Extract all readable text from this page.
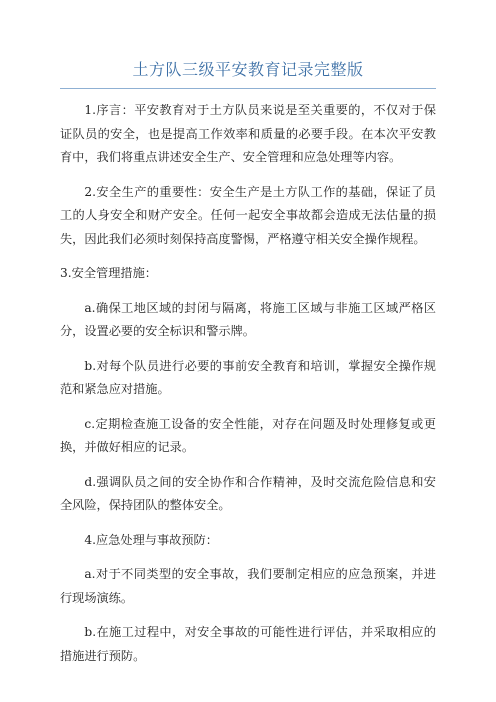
土方队三级平安教育记录完整版

1.序言：平安教育对于土方队员来说是至关重要的，不仅对于保证队员的安全，也是提高工作效率和质量的必要手段。在本次平安教育中，我们将重点讲述安全生产、安全管理和应急处理等内容。

2.安全生产的重要性：安全生产是土方队工作的基础，保证了员工的人身安全和财产安全。任何一起安全事故都会造成无法估量的损失，因此我们必须时刻保持高度警惕，严格遵守相关安全操作规程。

3.安全管理措施：

a.确保工地区域的封闭与隔离，将施工区域与非施工区域严格区分，设置必要的安全标识和警示牌。

b.对每个队员进行必要的事前安全教育和培训，掌握安全操作规范和紧急应对措施。

c.定期检查施工设备的安全性能，对存在问题及时处理修复或更换，并做好相应的记录。

d.强调队员之间的安全协作和合作精神，及时交流危险信息和安全风险，保持团队的整体安全。

4.应急处理与事故预防：

a.对于不同类型的安全事故，我们要制定相应的应急预案，并进行现场演练。

b.在施工过程中，对安全事故的可能性进行评估，并采取相应的措施进行预防。
